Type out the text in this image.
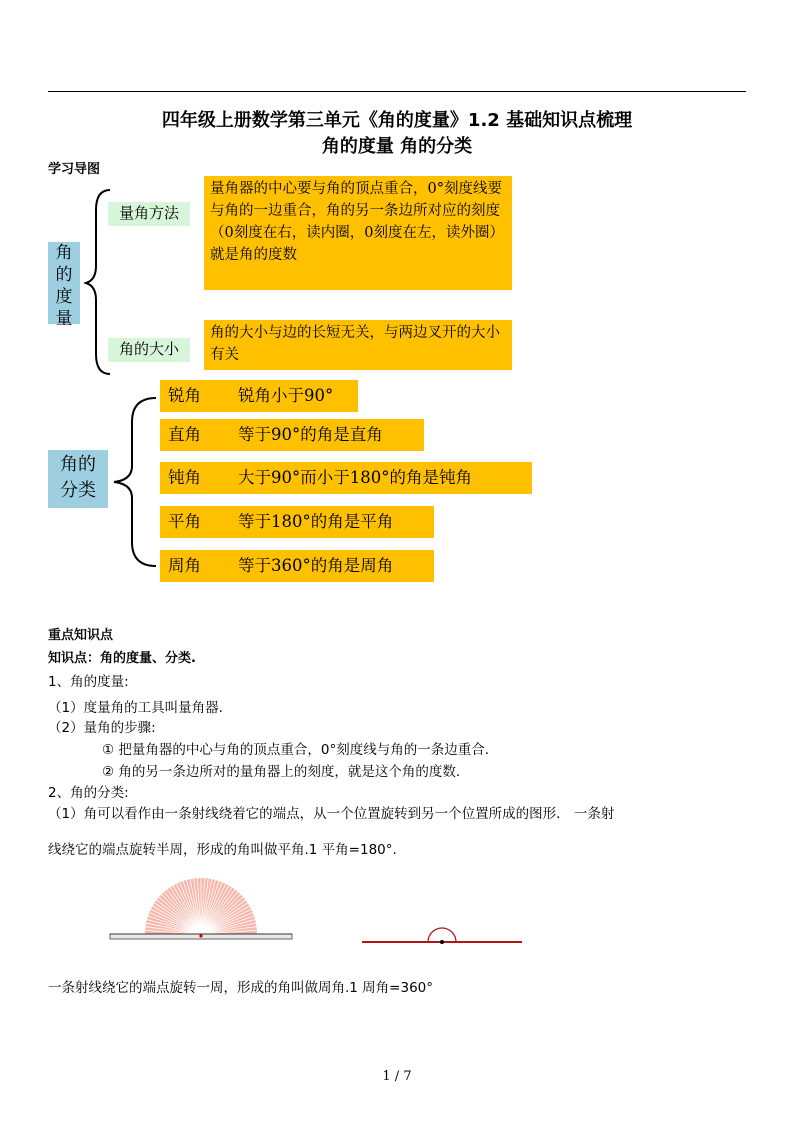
四年级上册数学第三单元《角的度量》1.2 基础知识点梳理
角的度量 角的分类
学习导图
角
的
度
量
量角方法
量角器的中心要与角的顶点重合，0°刻度线要与角的一边重合，角的另一条边所对应的刻度（0刻度在右，读内圈，0刻度在左，读外圈）就是角的度数
角的大小
角的大小与边的长短无关，与两边叉开的大小有关
角的
分类
锐角 锐角小于90°
直角 等于90°的角是直角
钝角 大于90°而小于180°的角是钝角
平角 等于180°的角是平角
周角 等于360°的角是周角
重点知识点
知识点：角的度量、分类.
1、角的度量:
（1）度量角的工具叫量角器.
（2）量角的步骤:
① 把量角器的中心与角的顶点重合，0°刻度线与角的一条边重合.
② 角的另一条边所对的量角器上的刻度，就是这个角的度数.
2、角的分类:
（1）角可以看作由一条射线绕着它的端点，从一个位置旋转到另一个位置所成的图形． 一条射
线绕它的端点旋转半周，形成的角叫做平角.1 平角=180°.
一条射线绕它的端点旋转一周，形成的角叫做周角.1 周角=360°
1 / 7
